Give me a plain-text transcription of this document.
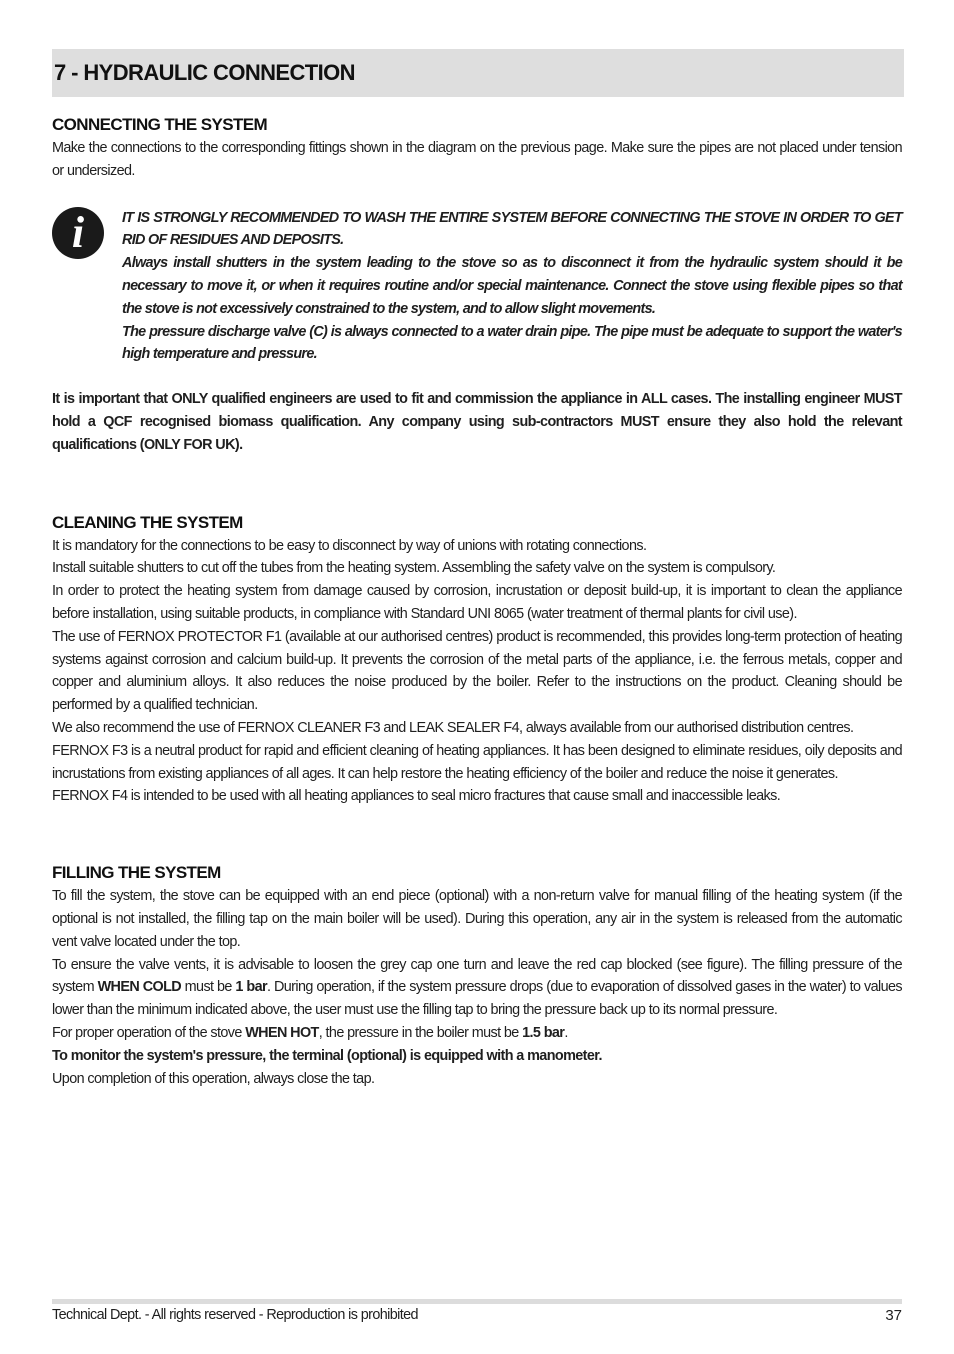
7 - HYDRAULIC CONNECTION
CONNECTING THE SYSTEM

Make the connections to the corresponding fittings shown in the diagram on the previous page. Make sure the pipes are not placed under tension or undersized.

i	IT IS STRONGLY RECOMMENDED TO WASH THE ENTIRE SYSTEM BEFORE CONNECTING THE STOVE IN ORDER TO GET RID OF RESIDUES AND DEPOSITS.

Always install shutters in the system leading to the stove so as to disconnect it from the hydraulic system should it be necessary to move it, or when it requires routine and/or special maintenance. Connect the stove using flexible pipes so that the stove is not excessively constrained to the system, and to allow slight movements.

The pressure discharge valve (C) is always connected to a water drain pipe. The pipe must be adequate to support the water's high temperature and pressure.

It is important that ONLY qualified engineers are used to fit and commission the appliance in ALL cases. The installing engineer MUST hold a QCF recognised biomass qualification. Any company using sub-contractors MUST ensure they also hold the relevant qualifications (ONLY FOR UK).

CLEANING THE SYSTEM

It is mandatory for the connections to be easy to disconnect by way of unions with rotating connections.

Install suitable shutters to cut off the tubes from the heating system. Assembling the safety valve on the system is compulsory.

In order to protect the heating system from damage caused by corrosion, incrustation or deposit build-up, it is important to clean the appliance before installation, using suitable products, in compliance with Standard UNI 8065 (water treatment of thermal plants for civil use).

The use of FERNOX PROTECTOR F1 (available at our authorised centres) product is recommended, this provides long-term protection of heating systems against corrosion and calcium build-up. It prevents the corrosion of the metal parts of the appliance, i.e. the ferrous metals, copper and copper and aluminium alloys. It also reduces the noise produced by the boiler. Refer to the instructions on the product. Cleaning should be performed by a qualified technician.

We also recommend the use of FERNOX CLEANER F3 and LEAK SEALER F4, always available from our authorised distribution centres.

FERNOX F3 is a neutral product for rapid and efficient cleaning of heating appliances. It has been designed to eliminate residues, oily deposits and incrustations from existing appliances of all ages. It can help restore the heating efficiency of the boiler and reduce the noise it generates.

FERNOX F4 is intended to be used with all heating appliances to seal micro fractures that cause small and inaccessible leaks.

FILLING THE SYSTEM

To fill the system, the stove can be equipped with an end piece (optional) with a non-return valve for manual filling of the heating system (if the optional is not installed, the filling tap on the main boiler will be used). During this operation, any air in the system is released from the automatic vent valve located under the top.

To ensure the valve vents, it is advisable to loosen the grey cap one turn and leave the red cap blocked (see figure). The filling pressure of the system WHEN COLD must be 1 bar. During operation, if the system pressure drops (due to evaporation of dissolved gases in the water) to values lower than the minimum indicated above, the user must use the filling tap to bring the pressure back up to its normal pressure.

For proper operation of the stove WHEN HOT, the pressure in the boiler must be 1.5 bar.

To monitor the system's pressure, the terminal (optional) is equipped with a manometer.

Upon completion of this operation, always close the tap.

Technical Dept. - All rights reserved - Reproduction is prohibited	37
